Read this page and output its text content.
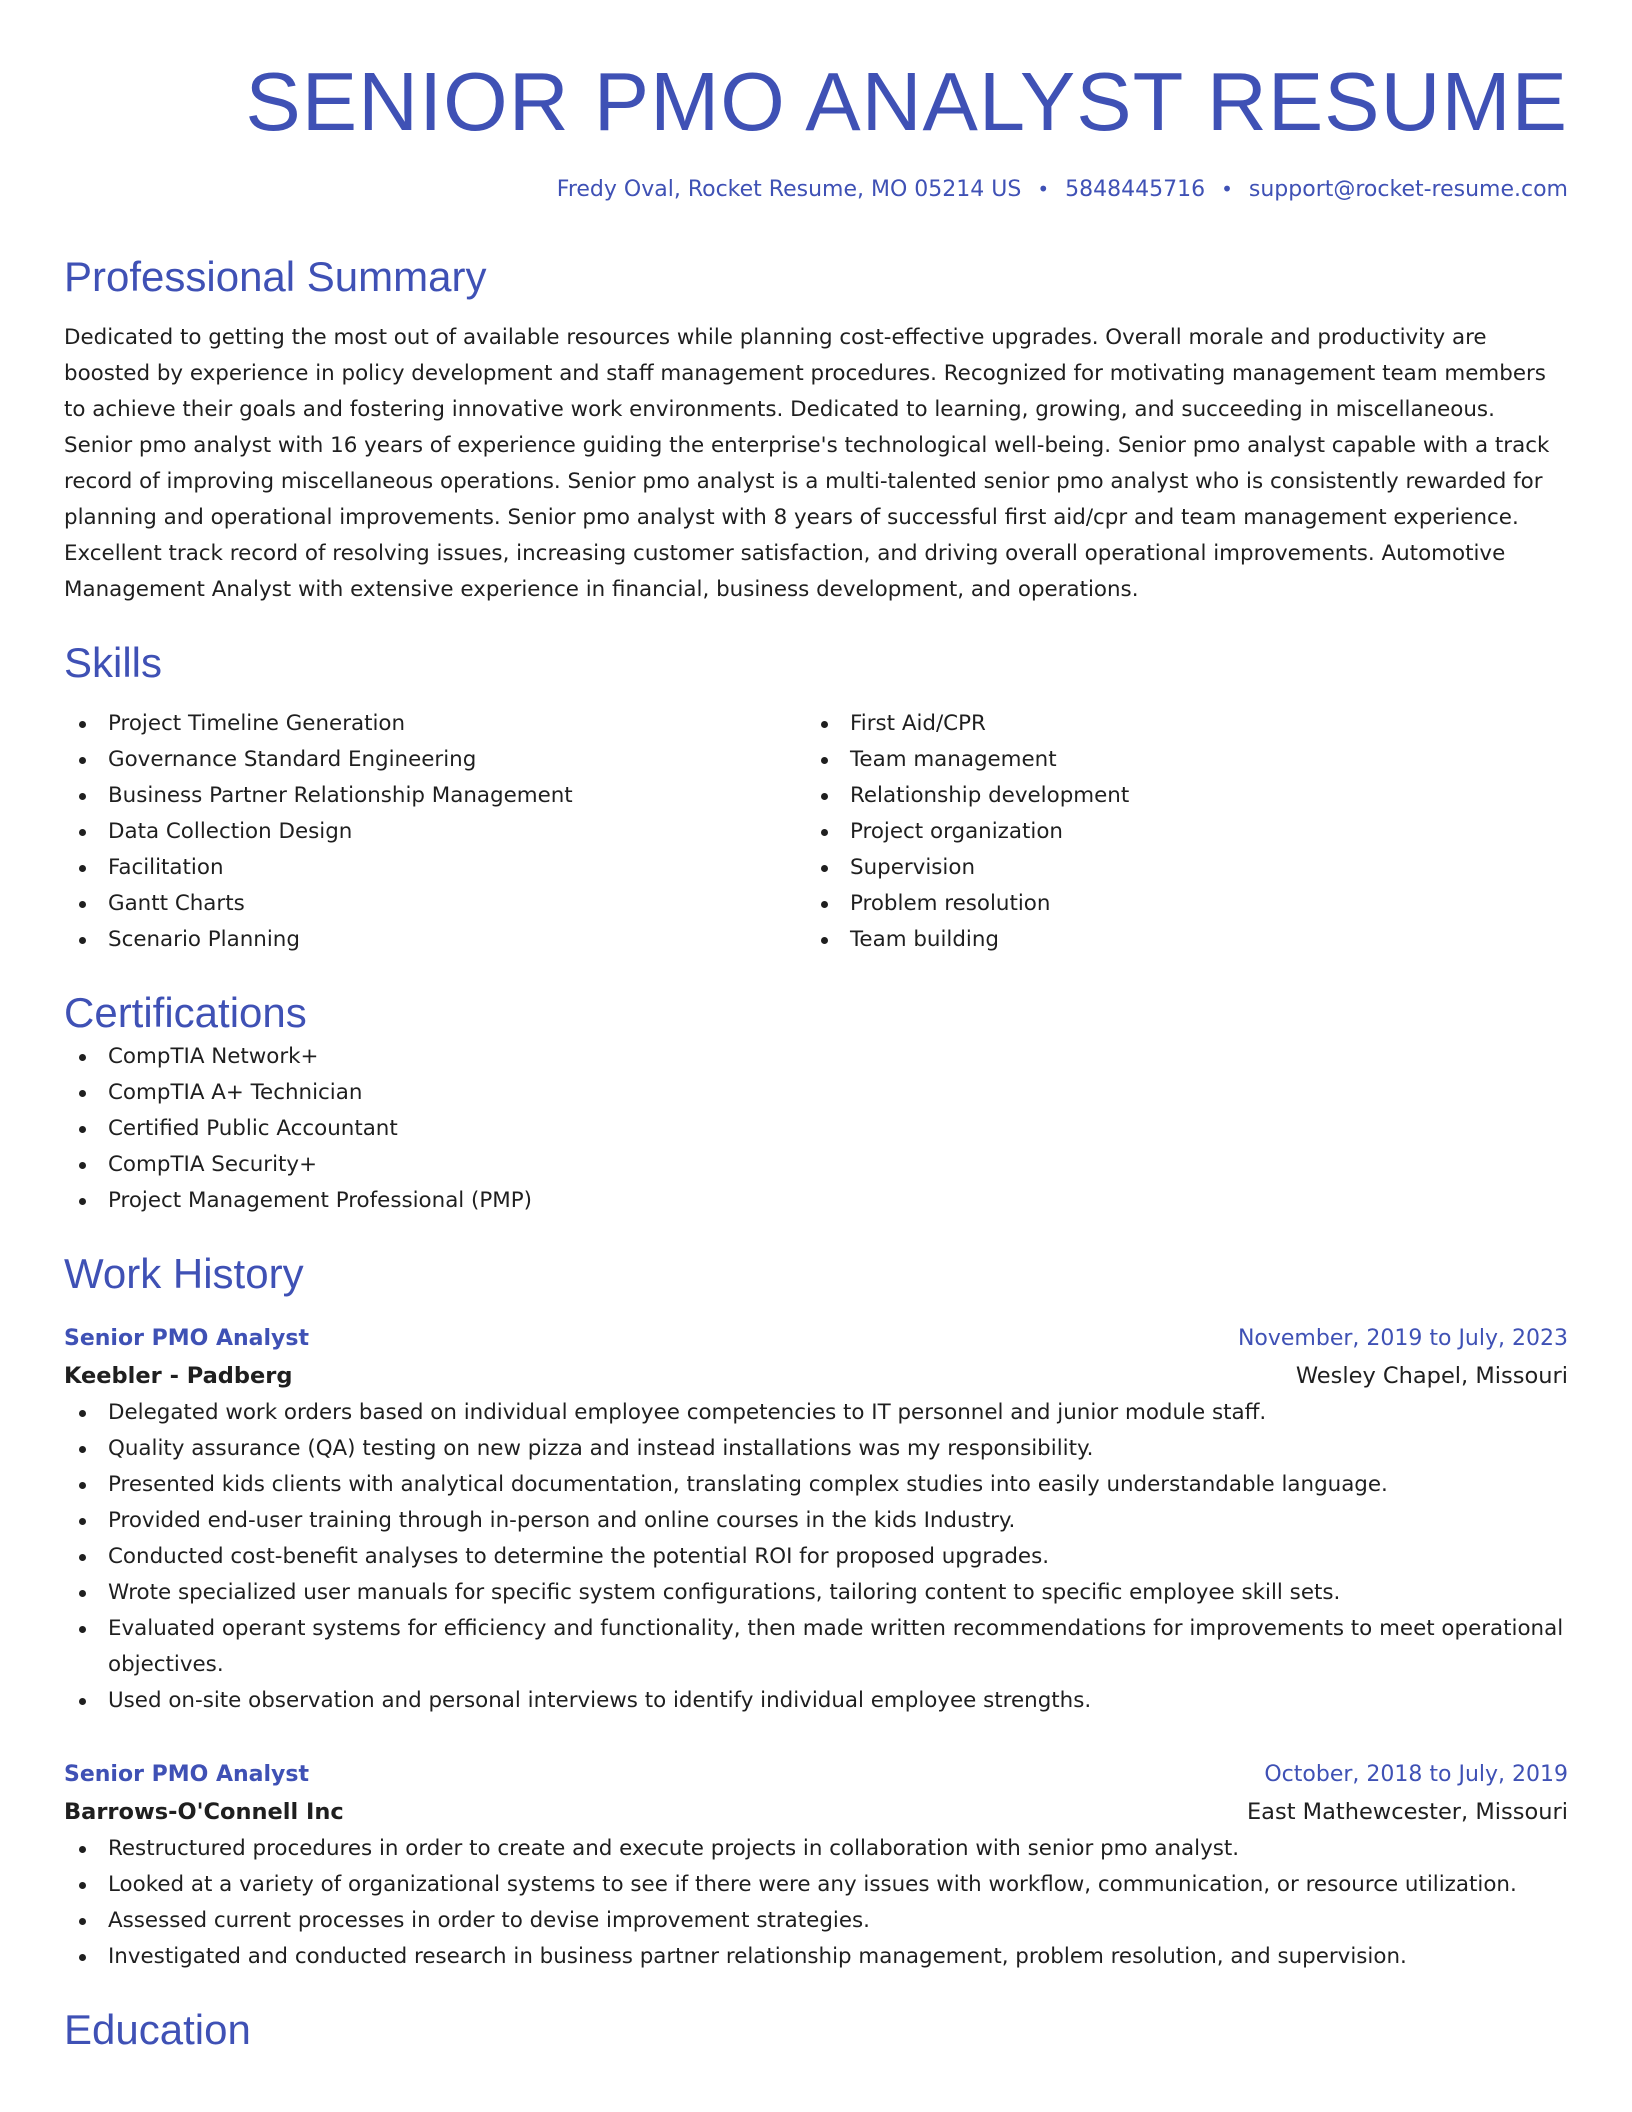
SENIOR PMO ANALYST RESUME
Fredy Oval, Rocket Resume, MO 05214 US • 5848445716 • support@rocket-resume.com
Professional Summary

Dedicated to getting the most out of available resources while planning cost-effective upgrades. Overall morale and productivity are boosted by experience in policy development and staff management procedures. Recognized for motivating management team members to achieve their goals and fostering innovative work environments. Dedicated to learning, growing, and succeeding in miscellaneous. Senior pmo analyst with 16 years of experience guiding the enterprise's technological well-being. Senior pmo analyst capable with a track record of improving miscellaneous operations. Senior pmo analyst is a multi-talented senior pmo analyst who is consistently rewarded for planning and operational improvements. Senior pmo analyst with 8 years of successful first aid/cpr and team management experience. Excellent track record of resolving issues, increasing customer satisfaction, and driving overall operational improvements. Automotive Management Analyst with extensive experience in financial, business development, and operations.

Skills
Project Timeline Generation
Governance Standard Engineering
Business Partner Relationship Management
Data Collection Design
Facilitation
Gantt Charts
Scenario Planning
First Aid/CPR
Team management
Relationship development
Project organization
Supervision
Problem resolution
Team building
Certifications
CompTIA Network+
CompTIA A+ Technician
Certified Public Accountant
CompTIA Security+
Project Management Professional (PMP)
Work History
Senior PMO Analyst	November, 2019 to July, 2023
Keebler - Padberg	Wesley Chapel, Missouri
Delegated work orders based on individual employee competencies to IT personnel and junior module staff.
Quality assurance (QA) testing on new pizza and instead installations was my responsibility.
Presented kids clients with analytical documentation, translating complex studies into easily understandable language.
Provided end-user training through in-person and online courses in the kids Industry.
Conducted cost-benefit analyses to determine the potential ROI for proposed upgrades.
Wrote specialized user manuals for specific system configurations, tailoring content to specific employee skill sets.
Evaluated operant systems for efficiency and functionality, then made written recommendations for improvements to meet operational objectives.
Used on-site observation and personal interviews to identify individual employee strengths.
Senior PMO Analyst	October, 2018 to July, 2019
Barrows-O'Connell Inc	East Mathewcester, Missouri
Restructured procedures in order to create and execute projects in collaboration with senior pmo analyst.
Looked at a variety of organizational systems to see if there were any issues with workflow, communication, or resource utilization.
Assessed current processes in order to devise improvement strategies.
Investigated and conducted research in business partner relationship management, problem resolution, and supervision.
Education
